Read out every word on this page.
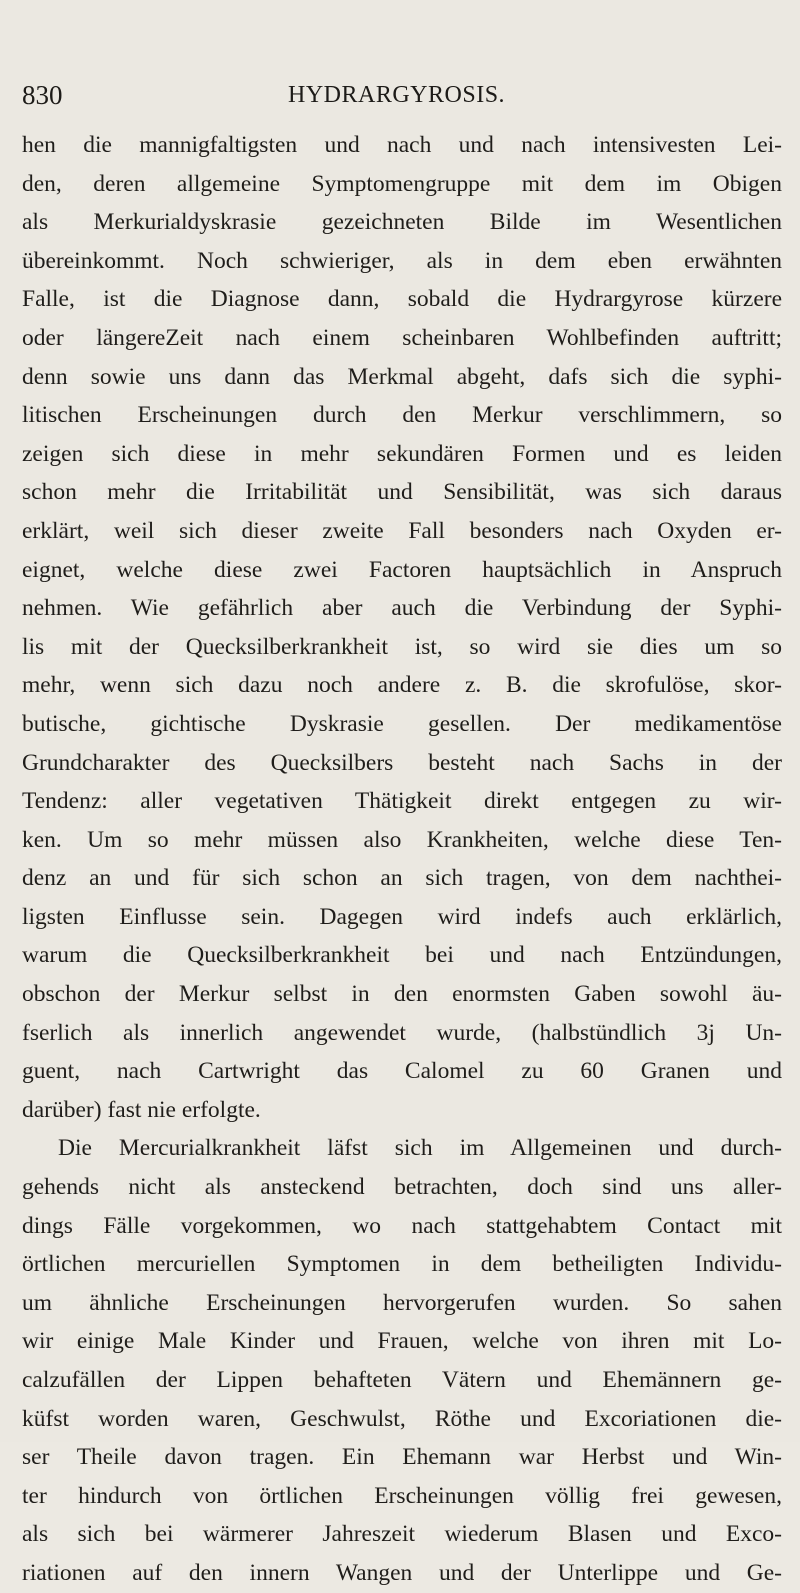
830	HYDRARGYROSIS.
hen die mannigfaltigsten und nach und nach intensivesten Lei-
den, deren allgemeine Symptomengruppe mit dem im Obigen
als Merkurialdyskrasie gezeichneten Bilde im Wesentlichen
übereinkommt. Noch schwieriger, als in dem eben erwähnten
Falle, ist die Diagnose dann, sobald die Hydrargyrose kürzere
oder längereZeit nach einem scheinbaren Wohlbefinden auftritt;
denn sowie uns dann das Merkmal abgeht, dafs sich die syphi-
litischen Erscheinungen durch den Merkur verschlimmern, so
zeigen sich diese in mehr sekundären Formen und es leiden
schon mehr die Irritabilität und Sensibilität, was sich daraus
erklärt, weil sich dieser zweite Fall besonders nach Oxyden er-
eignet, welche diese zwei Factoren hauptsächlich in Anspruch
nehmen. Wie gefährlich aber auch die Verbindung der Syphi-
lis mit der Quecksilberkrankheit ist, so wird sie dies um so
mehr, wenn sich dazu noch andere z. B. die skrofulöse, skor-
butische, gichtische Dyskrasie gesellen. Der medikamentöse
Grundcharakter des Quecksilbers besteht nach Sachs in der
Tendenz: aller vegetativen Thätigkeit direkt entgegen zu wir-
ken. Um so mehr müssen also Krankheiten, welche diese Ten-
denz an und für sich schon an sich tragen, von dem nachthei-
ligsten Einflusse sein. Dagegen wird indefs auch erklärlich,
warum die Quecksilberkrankheit bei und nach Entzündungen,
obschon der Merkur selbst in den enormsten Gaben sowohl äu-
fserlich als innerlich angewendet wurde, (halbstündlich 3j Un-
guent, nach Cartwright das Calomel zu 60 Granen und
darüber) fast nie erfolgte.
Die Mercurialkrankheit läfst sich im Allgemeinen und durch-
gehends nicht als ansteckend betrachten, doch sind uns aller-
dings Fälle vorgekommen, wo nach stattgehabtem Contact mit
örtlichen mercuriellen Symptomen in dem betheiligten Individu-
um ähnliche Erscheinungen hervorgerufen wurden. So sahen
wir einige Male Kinder und Frauen, welche von ihren mit Lo-
calzufällen der Lippen behafteten Vätern und Ehemännern ge-
küfst worden waren, Geschwulst, Röthe und Excoriationen die-
ser Theile davon tragen. Ein Ehemann war Herbst und Win-
ter hindurch von örtlichen Erscheinungen völlig frei gewesen,
als sich bei wärmerer Jahreszeit wiederum Blasen und Exco-
riationen auf den innern Wangen und der Unterlippe und Ge-
